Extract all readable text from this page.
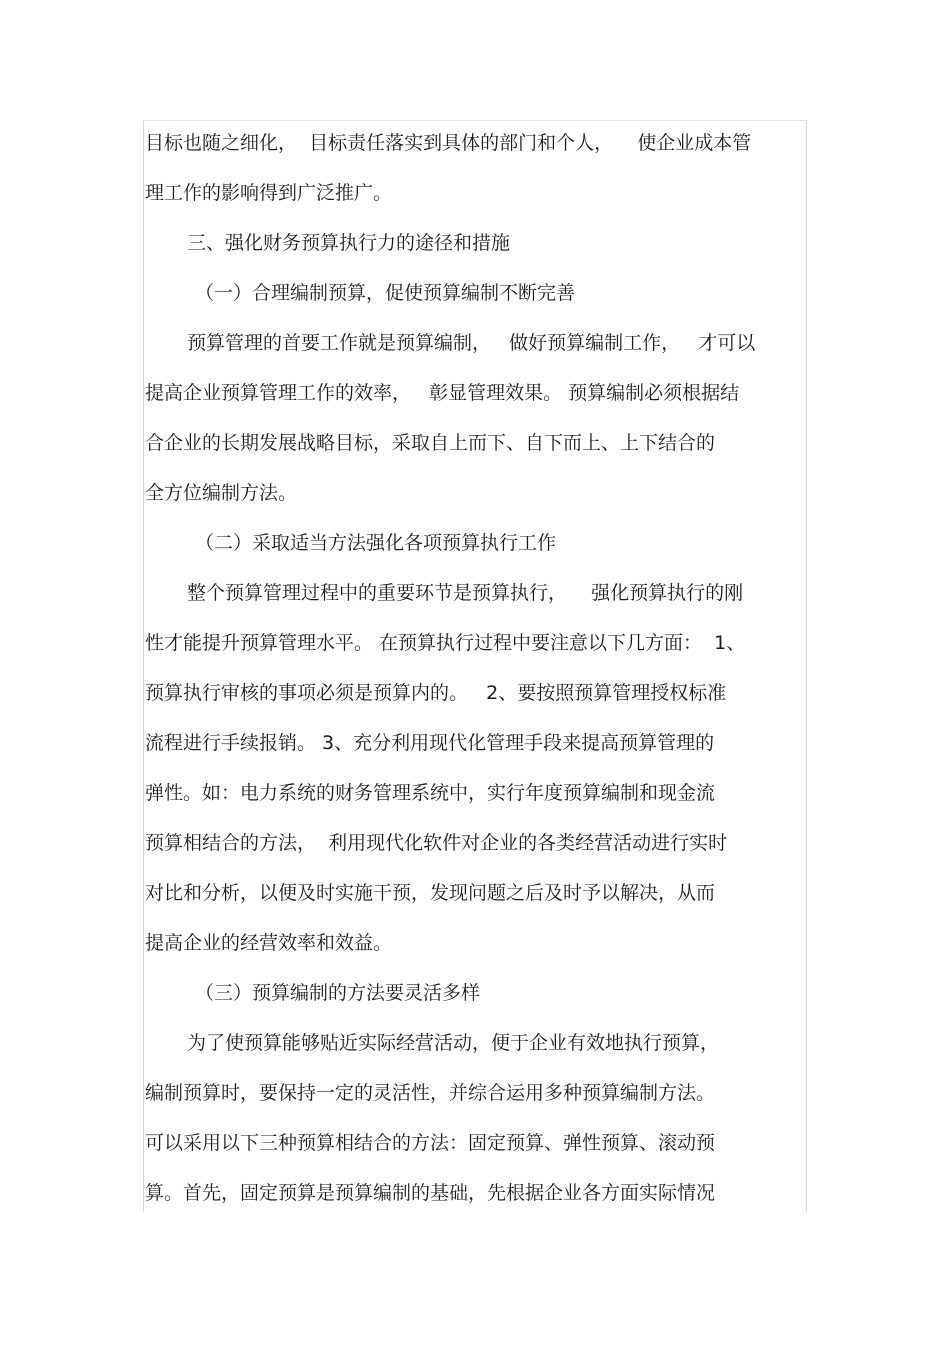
目标也随之细化，  目标责任落实到具体的部门和个人，    使企业成本管
理工作的影响得到广泛推广。
三、强化财务预算执行力的途径和措施
（一）合理编制预算，促使预算编制不断完善
预算管理的首要工作就是预算编制，   做好预算编制工作，   才可以
提高企业预算管理工作的效率，   彰显管理效果。 预算编制必须根据结
合企业的长期发展战略目标，采取自上而下、自下而上、上下结合的
全方位编制方法。
（二）采取适当方法强化各项预算执行工作
整个预算管理过程中的重要环节是预算执行，    强化预算执行的刚
性才能提升预算管理水平。 在预算执行过程中要注意以下几方面：  1、
预算执行审核的事项必须是预算内的。   2、要按照预算管理授权标准
流程进行手续报销。 3、充分利用现代化管理手段来提高预算管理的
弹性。如：电力系统的财务管理系统中，实行年度预算编制和现金流
预算相结合的方法，  利用现代化软件对企业的各类经营活动进行实时
对比和分析，以便及时实施干预，发现问题之后及时予以解决，从而
提高企业的经营效率和效益。
（三）预算编制的方法要灵活多样
为了使预算能够贴近实际经营活动，便于企业有效地执行预算，
编制预算时，要保持一定的灵活性，并综合运用多种预算编制方法。
可以采用以下三种预算相结合的方法：固定预算、弹性预算、滚动预
算。首先，固定预算是预算编制的基础，先根据企业各方面实际情况
